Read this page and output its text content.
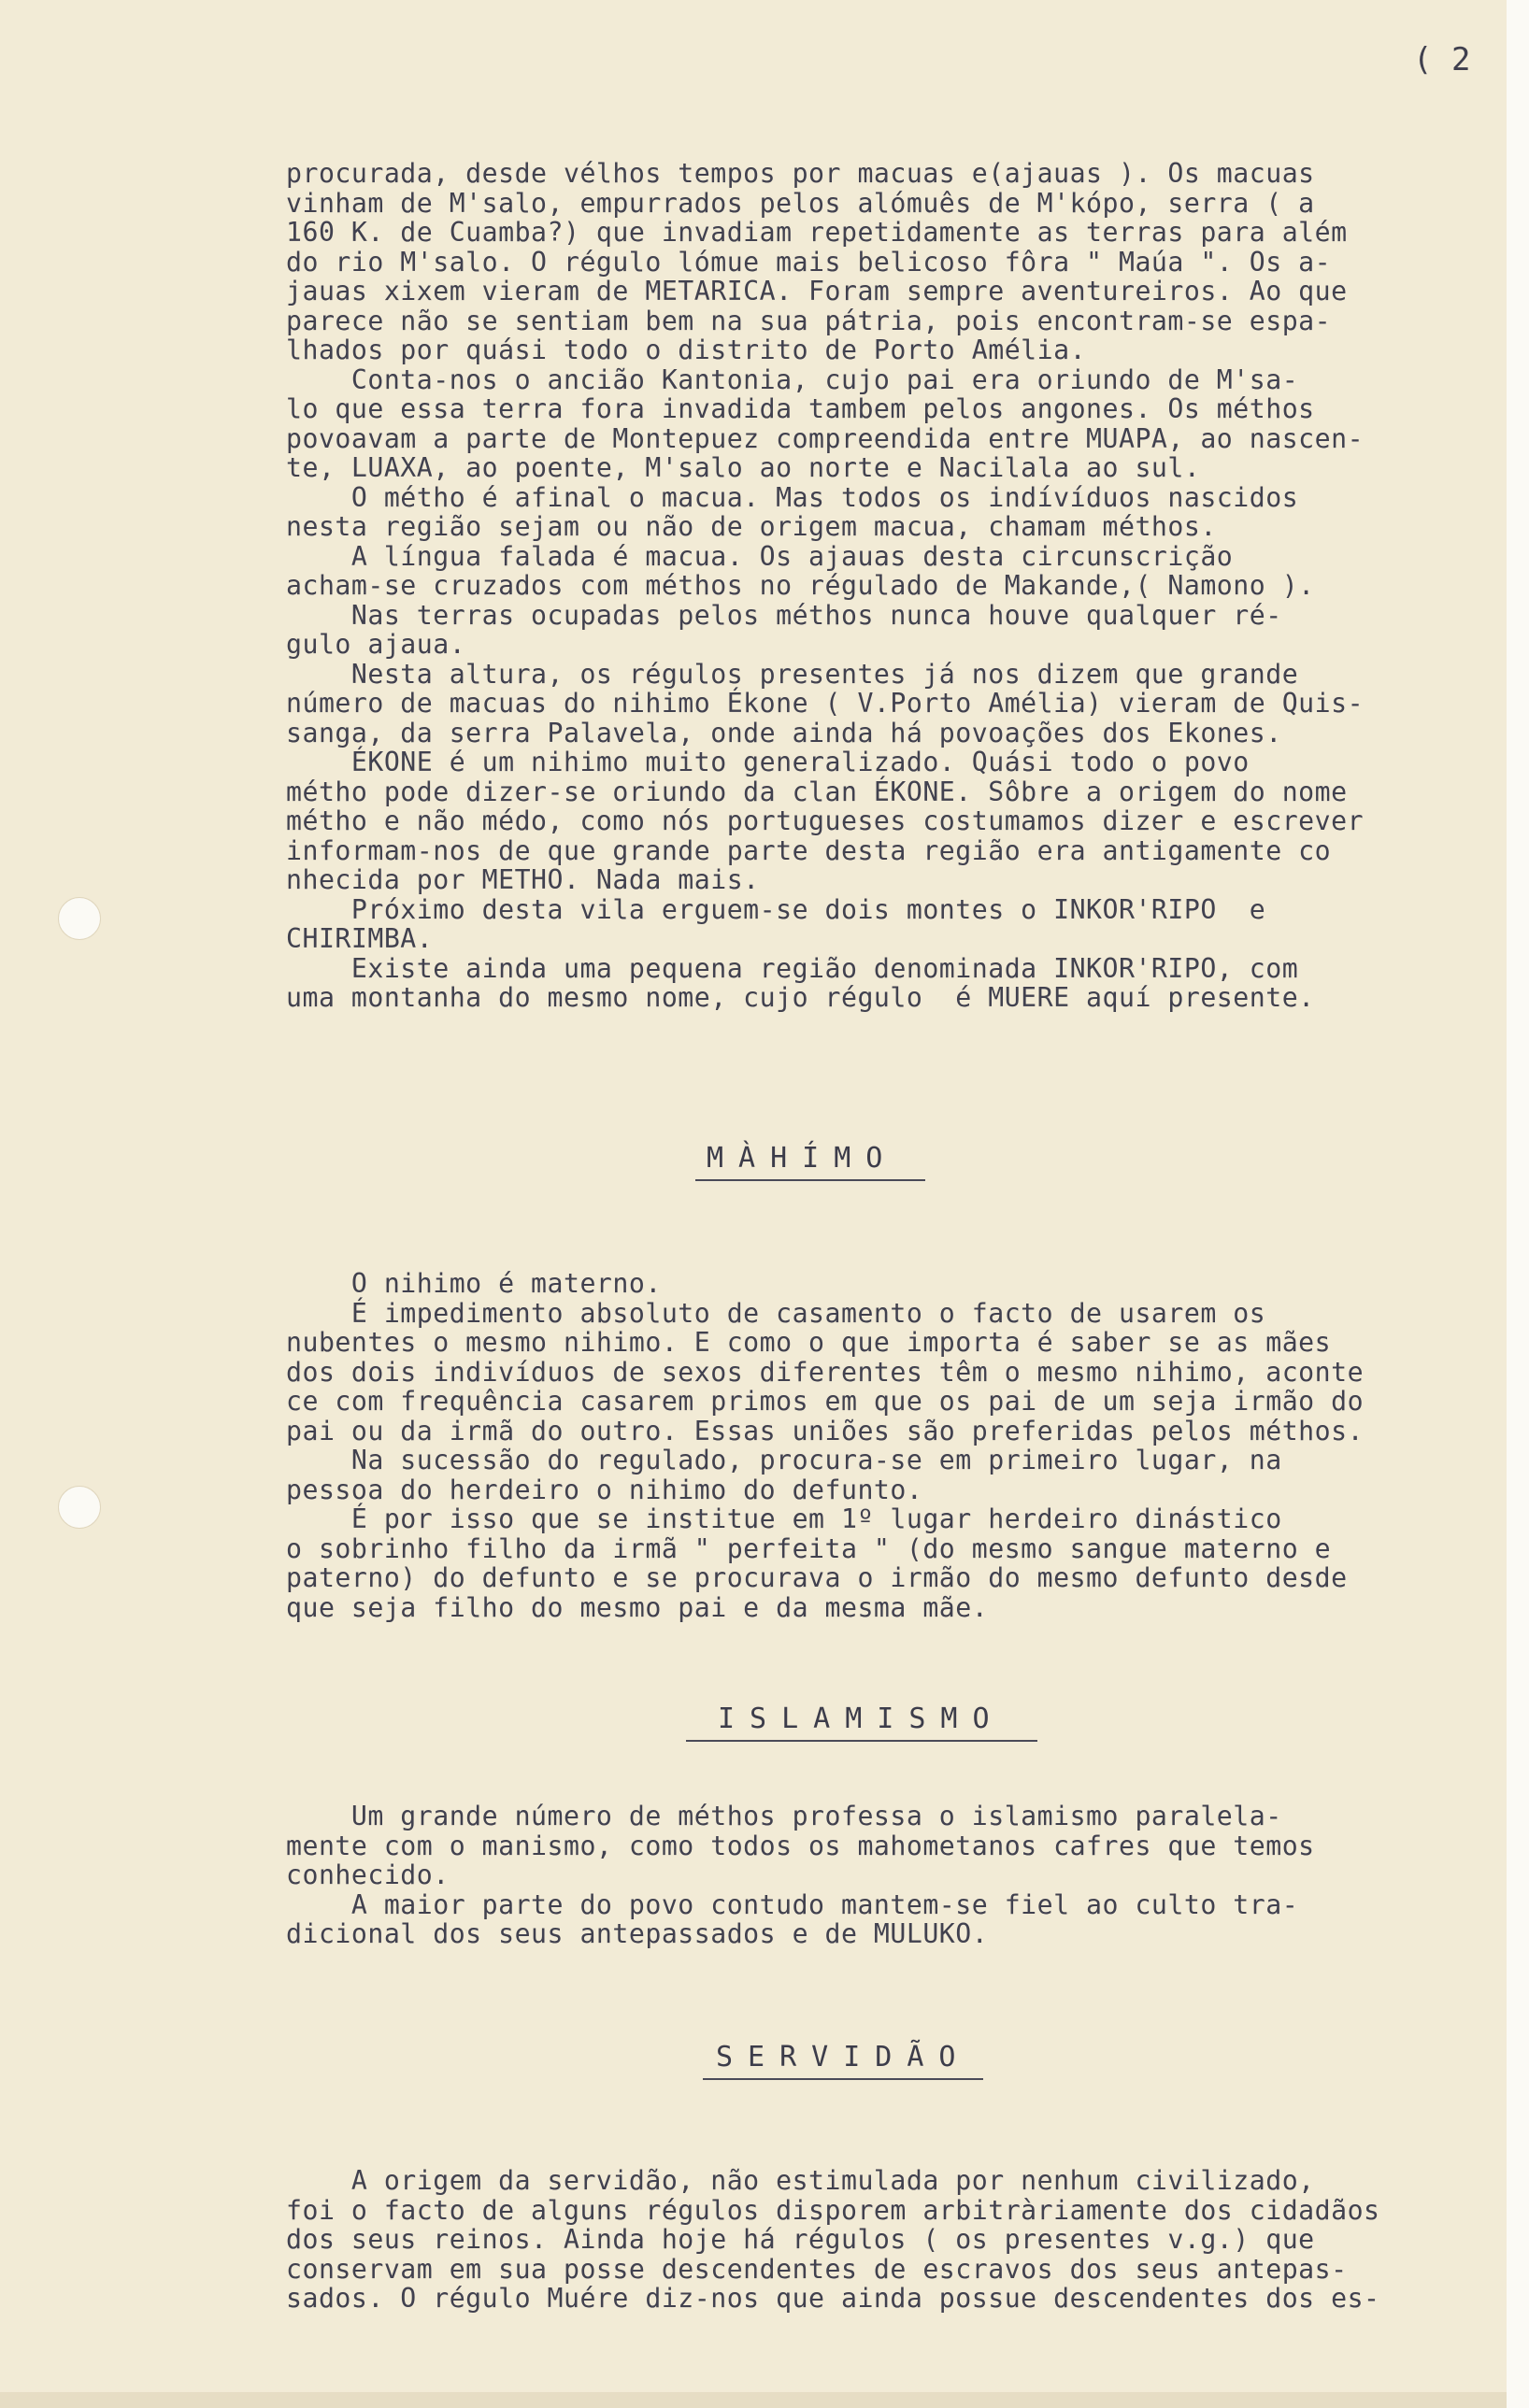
( 2

procurada, desde vélhos tempos por macuas e(ajauas ). Os macuas

vinham de M'salo, empurrados pelos alómuês de M'kópo, serra ( a

160 K. de Cuamba?) que invadiam repetidamente as terras para além

do rio M'salo. O régulo lómue mais belicoso fôra " Maúa ". Os a-

jauas xixem vieram de METARICA. Foram sempre aventureiros. Ao que

parece não se sentiam bem na sua pátria, pois encontram-se espa-

lhados por quási todo o distrito de Porto Amélia.

Conta-nos o ancião Kantonia, cujo pai era oriundo de M'sa-

lo que essa terra fora invadida tambem pelos angones. Os méthos

povoavam a parte de Montepuez compreendida entre MUAPA, ao nascen-

te, LUAXA, ao poente, M'salo ao norte e Nacilala ao sul.

O métho é afinal o macua. Mas todos os indívíduos nascidos

nesta região sejam ou não de origem macua, chamam méthos.

A língua falada é macua. Os ajauas desta circunscrição

acham-se cruzados com méthos no régulado de Makande,( Namono ).

Nas terras ocupadas pelos méthos nunca houve qualquer ré-

gulo ajaua.

Nesta altura, os régulos presentes já nos dizem que grande

número de macuas do nihimo Ékone ( V.Porto Amélia) vieram de Quis-

sanga, da serra Palavela, onde ainda há povoações dos Ekones.

ÉKONE é um nihimo muito generalizado. Quási todo o povo

métho pode dizer-se oriundo da clan ÉKONE. Sôbre a origem do nome

métho e não médo, como nós portugueses costumamos dizer e escrever

informam-nos de que grande parte desta região era antigamente co

nhecida por METHO. Nada mais.

Próximo desta vila erguem-se dois montes o INKOR'RIPO  e

CHIRIMBA.

Existe ainda uma pequena região denominada INKOR'RIPO, com

uma montanha do mesmo nome, cujo régulo  é MUERE aquí presente.

MÀHÍMO

O nihimo é materno.

É impedimento absoluto de casamento o facto de usarem os

nubentes o mesmo nihimo. E como o que importa é saber se as mães

dos dois indivíduos de sexos diferentes têm o mesmo nihimo, aconte

ce com frequência casarem primos em que os pai de um seja irmão do

pai ou da irmã do outro. Essas uniões são preferidas pelos méthos.

Na sucessão do regulado, procura-se em primeiro lugar, na

pessoa do herdeiro o nihimo do defunto.

É por isso que se institue em 1º lugar herdeiro dinástico

o sobrinho filho da irmã " perfeita " (do mesmo sangue materno e

paterno) do defunto e se procurava o irmão do mesmo defunto desde

que seja filho do mesmo pai e da mesma mãe.

ISLAMISMO

Um grande número de méthos professa o islamismo paralela-

mente com o manismo, como todos os mahometanos cafres que temos

conhecido.

A maior parte do povo contudo mantem-se fiel ao culto tra-

dicional dos seus antepassados e de MULUKO.

SERVIDÃO

A origem da servidão, não estimulada por nenhum civilizado,

foi o facto de alguns régulos disporem arbitràriamente dos cidadãos

dos seus reinos. Ainda hoje há régulos ( os presentes v.g.) que

conservam em sua posse descendentes de escravos dos seus antepas-

sados. O régulo Muére diz-nos que ainda possue descendentes dos es-
